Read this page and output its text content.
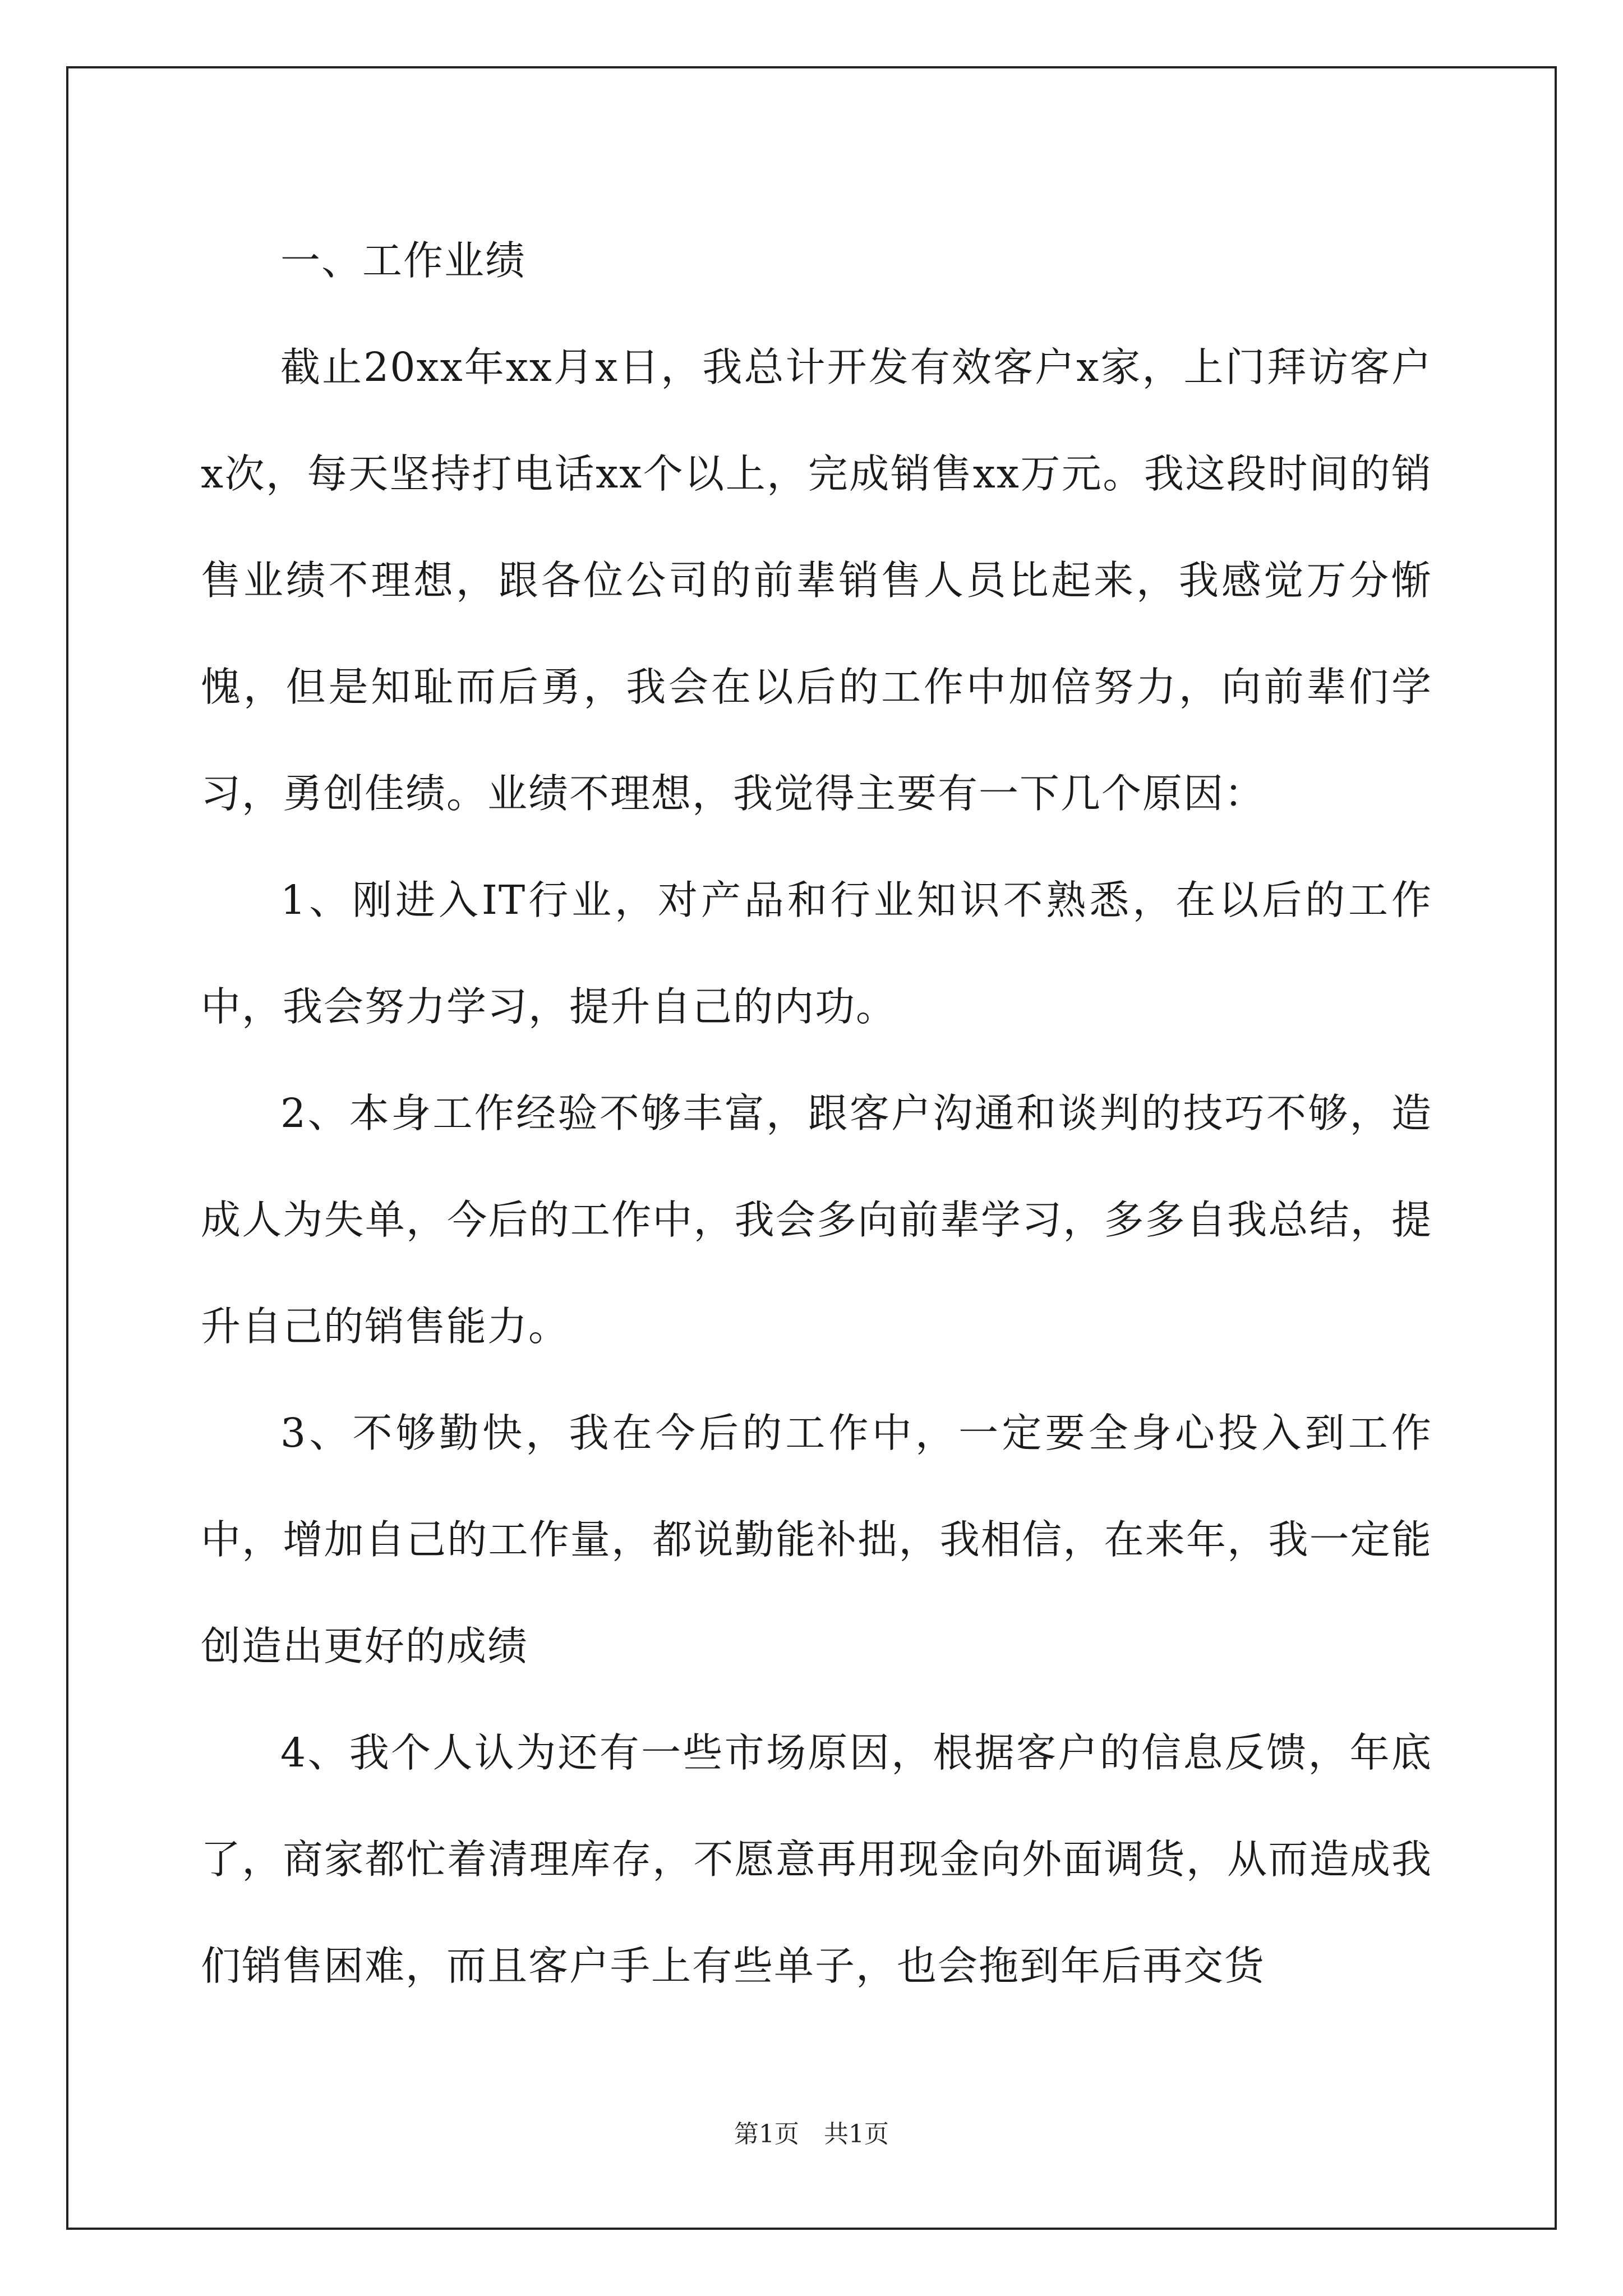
一、工作业绩

截止20xx年xx月x日，我总计开发有效客户x家，上门拜访客户x次，每天坚持打电话xx个以上，完成销售xx万元。我这段时间的销售业绩不理想，跟各位公司的前辈销售人员比起来，我感觉万分惭愧，但是知耻而后勇，我会在以后的工作中加倍努力，向前辈们学习，勇创佳绩。业绩不理想，我觉得主要有一下几个原因：

1、刚进入IT行业，对产品和行业知识不熟悉，在以后的工作中，我会努力学习，提升自己的内功。

2、本身工作经验不够丰富，跟客户沟通和谈判的技巧不够，造成人为失单，今后的工作中，我会多向前辈学习，多多自我总结，提升自己的销售能力。

3、不够勤快，我在今后的工作中，一定要全身心投入到工作中，增加自己的工作量，都说勤能补拙，我相信，在来年，我一定能创造出更好的成绩

4、我个人认为还有一些市场原因，根据客户的信息反馈，年底了，商家都忙着清理库存，不愿意再用现金向外面调货，从而造成我们销售困难，而且客户手上有些单子，也会拖到年后再交货

第1页　共1页
